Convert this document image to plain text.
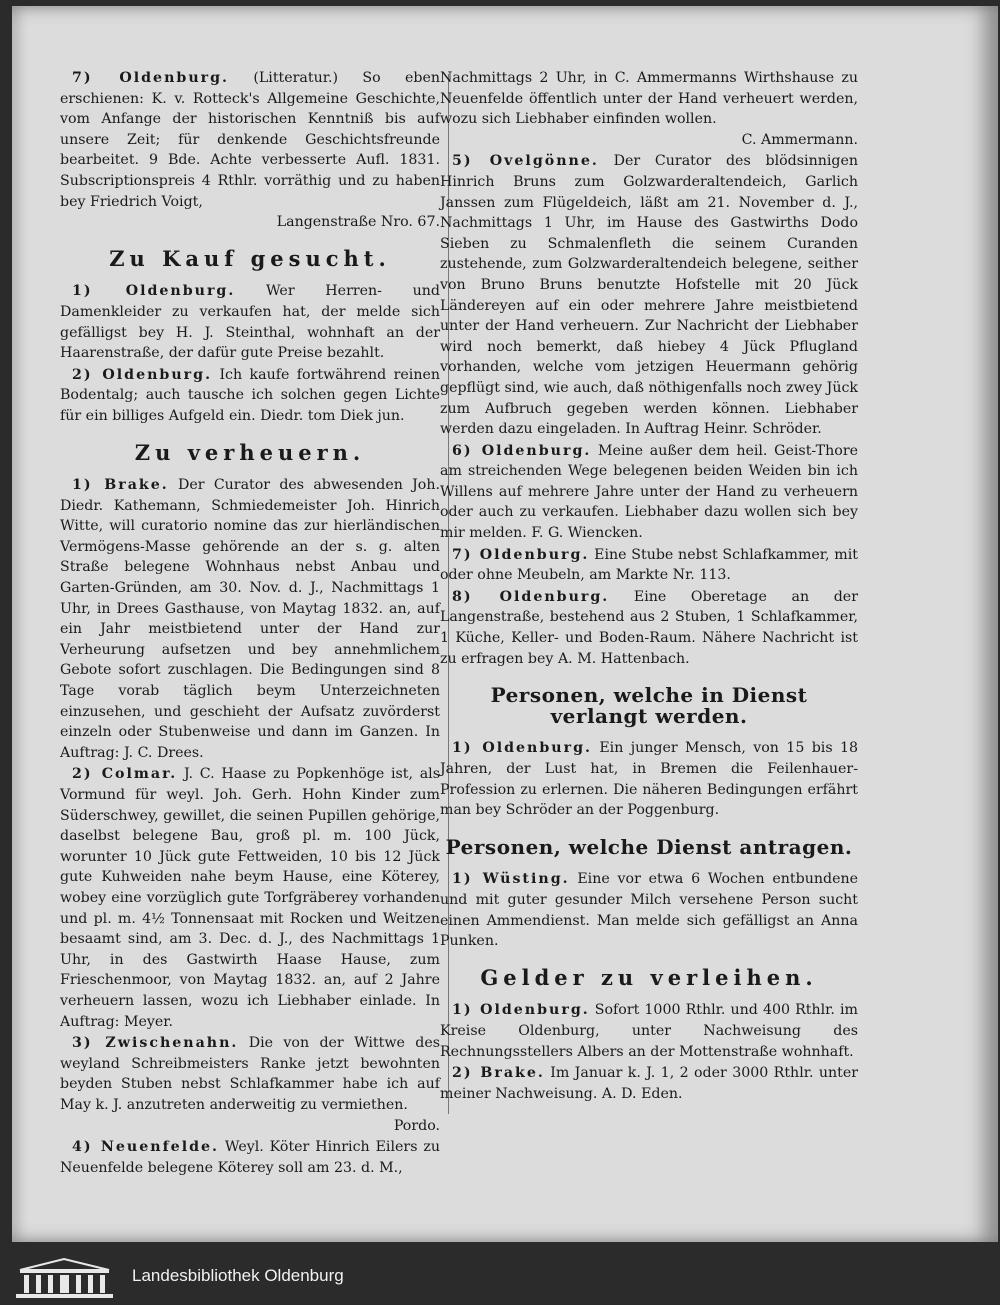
7) Oldenburg. (Litteratur.) So eben erschienen: K. v. Rotteck's Allgemeine Geschichte, vom Anfange der historischen Kenntniß bis auf unsere Zeit; für denkende Geschichtsfreunde bearbeitet. 9 Bde. Achte verbesserte Aufl. 1831. Subscriptionspreis 4 Rthlr. vorräthig und zu haben bey Friedrich Voigt,
Langenstraße Nro. 67.
Zu Kauf gesucht.
1) Oldenburg. Wer Herren- und Damenkleider zu verkaufen hat, der melde sich gefälligst bey H. J. Steinthal, wohnhaft an der Haarenstraße, der dafür gute Preise bezahlt.
2) Oldenburg. Ich kaufe fortwährend reinen Bodentalg; auch tausche ich solchen gegen Lichte für ein billiges Aufgeld ein. Diedr. tom Diek jun.
Zu verheuern.
1) Brake. Der Curator des abwesenden Joh. Diedr. Kathemann, Schmiedemeister Joh. Hinrich Witte, will curatorio nomine das zur hierländischen Vermögens-Masse gehörende an der s. g. alten Straße belegene Wohnhaus nebst Anbau und Garten-Gründen, am 30. Nov. d. J., Nachmittags 1 Uhr, in Drees Gasthause, von Maytag 1832. an, auf ein Jahr meistbietend unter der Hand zur Verheurung aufsetzen und bey annehmlichem Gebote sofort zuschlagen. Die Bedingungen sind 8 Tage vorab täglich beym Unterzeichneten einzusehen, und geschieht der Aufsatz zuvörderst einzeln oder Stubenweise und dann im Ganzen. In Auftrag: J. C. Drees.
2) Colmar. J. C. Haase zu Popkenhöge ist, als Vormund für weyl. Joh. Gerh. Hohn Kinder zum Süderschwey, gewillet, die seinen Pupillen gehörige, daselbst belegene Bau, groß pl. m. 100 Jück, worunter 10 Jück gute Fettweiden, 10 bis 12 Jück gute Kuhweiden nahe beym Hause, eine Köterey, wobey eine vorzüglich gute Torfgräberey vorhanden und pl. m. 4½ Tonnensaat mit Rocken und Weitzen besaamt sind, am 3. Dec. d. J., des Nachmittags 1 Uhr, in des Gastwirth Haase Hause, zum Frieschenmoor, von Maytag 1832. an, auf 2 Jahre verheuern lassen, wozu ich Liebhaber einlade. In Auftrag: Meyer.
3) Zwischenahn. Die von der Wittwe des weyland Schreibmeisters Ranke jetzt bewohnten beyden Stuben nebst Schlafkammer habe ich auf May k. J. anzutreten anderweitig zu vermiethen.
Pordo.
4) Neuenfelde. Weyl. Köter Hinrich Eilers zu Neuenfelde belegene Köterey soll am 23. d. M.,
Nachmittags 2 Uhr, in C. Ammermanns Wirthshause zu Neuenfelde öffentlich unter der Hand verheuert werden, wozu sich Liebhaber einfinden wollen.
C. Ammermann.
5) Ovelgönne. Der Curator des blödsinnigen Hinrich Bruns zum Golzwarderaltendeich, Garlich Janssen zum Flügeldeich, läßt am 21. November d. J., Nachmittags 1 Uhr, im Hause des Gastwirths Dodo Sieben zu Schmalenfleth die seinem Curanden zustehende, zum Golzwarderaltendeich belegene, seither von Bruno Bruns benutzte Hofstelle mit 20 Jück Ländereyen auf ein oder mehrere Jahre meistbietend unter der Hand verheuern. Zur Nachricht der Liebhaber wird noch bemerkt, daß hiebey 4 Jück Pflugland vorhanden, welche vom jetzigen Heuermann gehörig gepflügt sind, wie auch, daß nöthigenfalls noch zwey Jück zum Aufbruch gegeben werden können. Liebhaber werden dazu eingeladen. In Auftrag Heinr. Schröder.
6) Oldenburg. Meine außer dem heil. Geist-Thore am streichenden Wege belegenen beiden Weiden bin ich Willens auf mehrere Jahre unter der Hand zu verheuern oder auch zu verkaufen. Liebhaber dazu wollen sich bey mir melden. F. G. Wiencken.
7) Oldenburg. Eine Stube nebst Schlafkammer, mit oder ohne Meubeln, am Markte Nr. 113.
8) Oldenburg. Eine Oberetage an der Langenstraße, bestehend aus 2 Stuben, 1 Schlafkammer, 1 Küche, Keller- und Boden-Raum. Nähere Nachricht ist zu erfragen bey A. M. Hattenbach.
Personen, welche in Dienst verlangt werden.
1) Oldenburg. Ein junger Mensch, von 15 bis 18 Jahren, der Lust hat, in Bremen die Feilenhauer-Profession zu erlernen. Die näheren Bedingungen erfährt man bey Schröder an der Poggenburg.
Personen, welche Dienst antragen.
1) Wüsting. Eine vor etwa 6 Wochen entbundene und mit guter gesunder Milch versehene Person sucht einen Ammendienst. Man melde sich gefälligst an Anna Punken.
Gelder zu verleihen.
1) Oldenburg. Sofort 1000 Rthlr. und 400 Rthlr. im Kreise Oldenburg, unter Nachweisung des Rechnungsstellers Albers an der Mottenstraße wohnhaft.
2) Brake. Im Januar k. J. 1, 2 oder 3000 Rthlr. unter meiner Nachweisung. A. D. Eden.
Landesbibliothek Oldenburg
